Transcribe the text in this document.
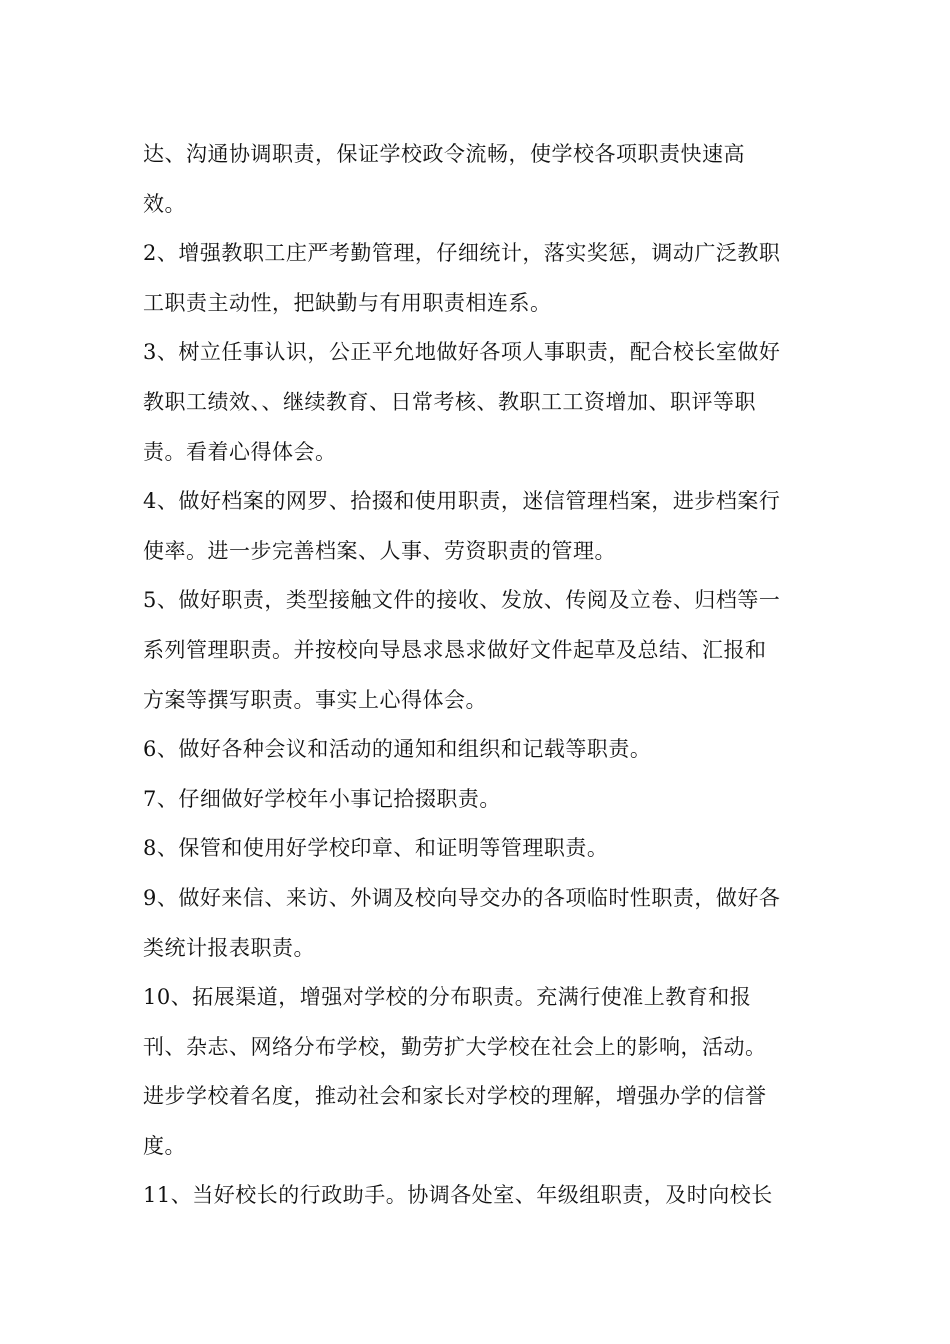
达、沟通协调职责，保证学校政令流畅，使学校各项职责快速高
效。
2、增强教职工庄严考勤管理，仔细统计，落实奖惩，调动广泛教职
工职责主动性，把缺勤与有用职责相连系。
3、树立任事认识，公正平允地做好各项人事职责，配合校长室做好
教职工绩效、、继续教育、日常考核、教职工工资增加、职评等职
责。看着心得体会。
4、做好档案的网罗、拾掇和使用职责，迷信管理档案，进步档案行
使率。进一步完善档案、人事、劳资职责的管理。
5、做好职责，类型接触文件的接收、发放、传阅及立卷、归档等一
系列管理职责。并按校向导恳求恳求做好文件起草及总结、汇报和
方案等撰写职责。事实上心得体会。
6、做好各种会议和活动的通知和组织和记载等职责。
7、仔细做好学校年小事记拾掇职责。
8、保管和使用好学校印章、和证明等管理职责。
9、做好来信、来访、外调及校向导交办的各项临时性职责，做好各
类统计报表职责。
10、拓展渠道，增强对学校的分布职责。充满行使准上教育和报
刊、杂志、网络分布学校，勤劳扩大学校在社会上的影响，活动。
进步学校着名度，推动社会和家长对学校的理解，增强办学的信誉
度。
11、当好校长的行政助手。协调各处室、年级组职责，及时向校长
